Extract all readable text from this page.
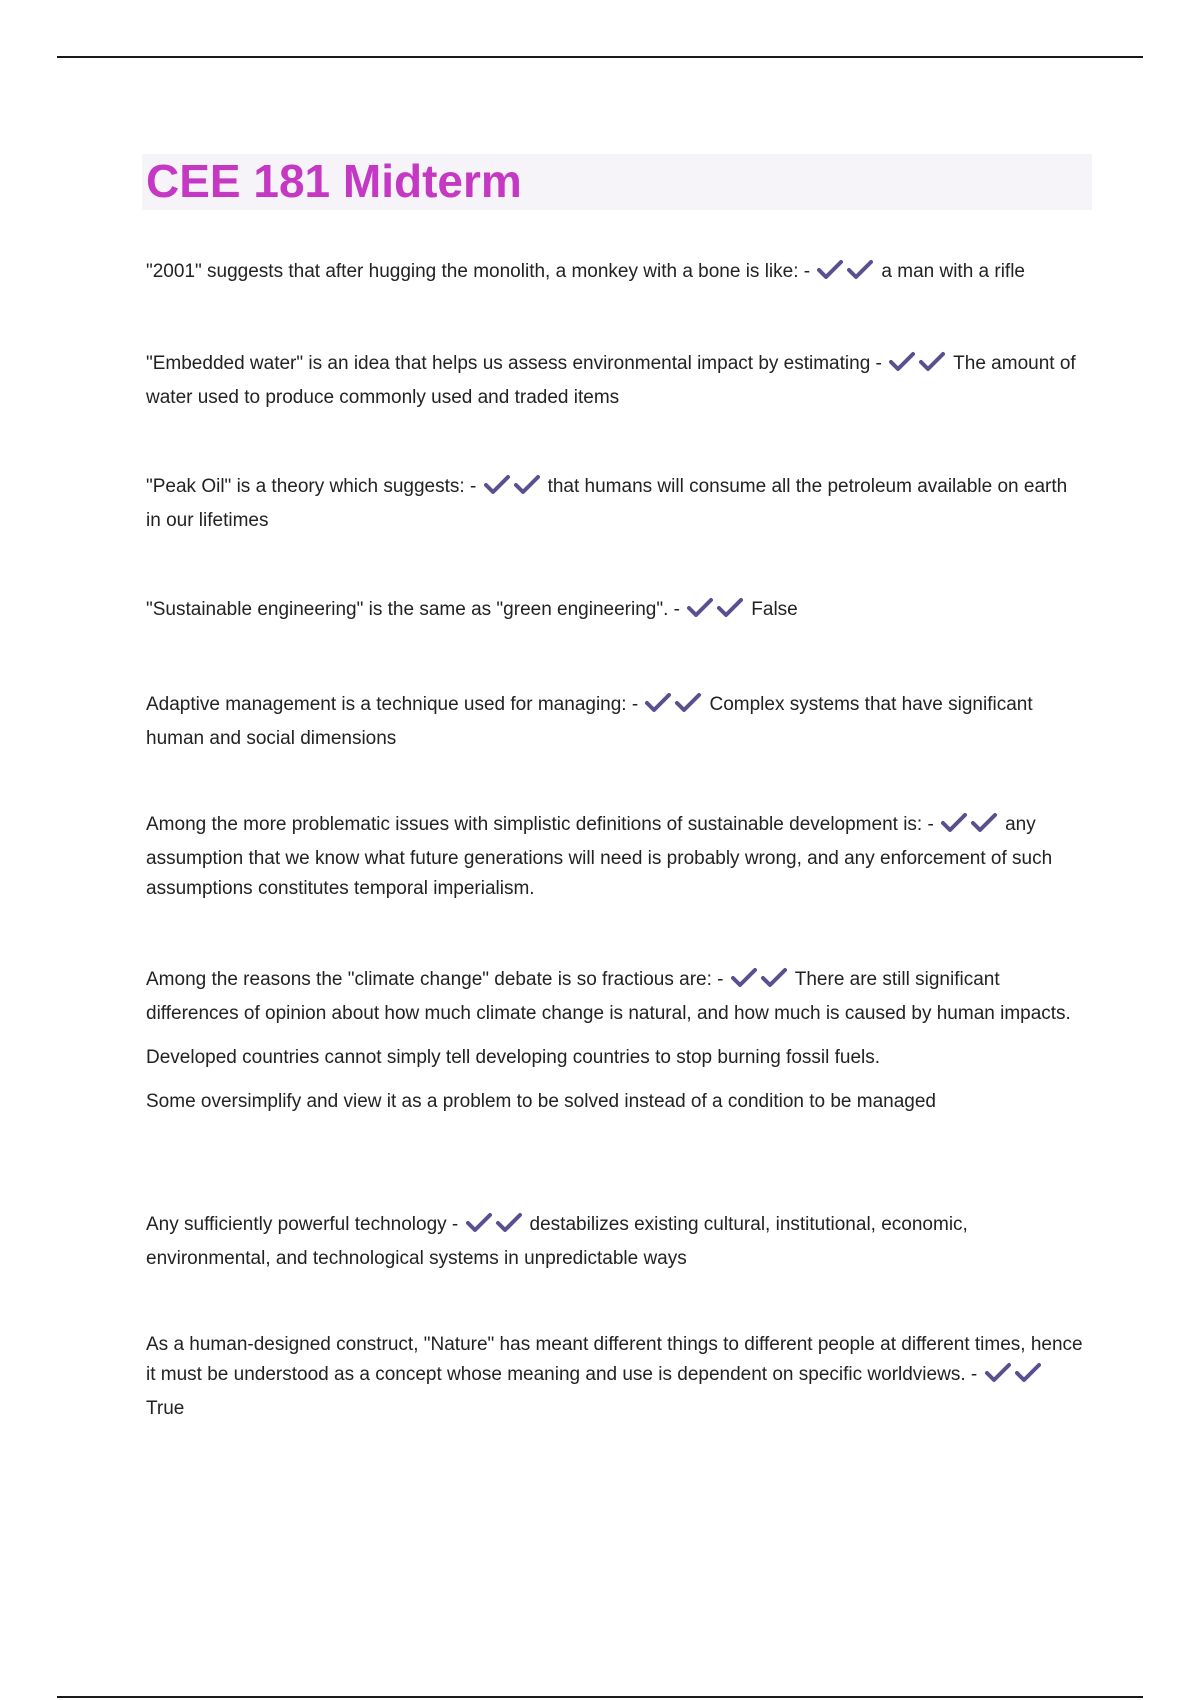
CEE 181 Midterm

"2001" suggests that after hugging the monolith, a monkey with a bone is like: -	a man with a rifle

"Embedded water" is an idea that helps us assess environmental impact by estimating -	The amount of water used to produce commonly used and traded items

"Peak Oil" is a theory which suggests: -	that humans will consume all the petroleum available on earth in our lifetimes

"Sustainable engineering" is the same as "green engineering". -	False

Adaptive management is a technique used for managing: -	Complex systems that have significant human and social dimensions

Among the more problematic issues with simplistic definitions of sustainable development is: -	any assumption that we know what future generations will need is probably wrong, and any enforcement of such assumptions constitutes temporal imperialism.

Among the reasons the "climate change" debate is so fractious are: -	There are still significant differences of opinion about how much climate change is natural, and how much is caused by human impacts.

Developed countries cannot simply tell developing countries to stop burning fossil fuels.

Some oversimplify and view it as a problem to be solved instead of a condition to be managed

Any sufficiently powerful technology -	destabilizes existing cultural, institutional, economic, environmental, and technological systems in unpredictable ways

As a human-designed construct, "Nature" has meant different things to different people at different times, hence it must be understood as a concept whose meaning and use is dependent on specific worldviews. -
True
